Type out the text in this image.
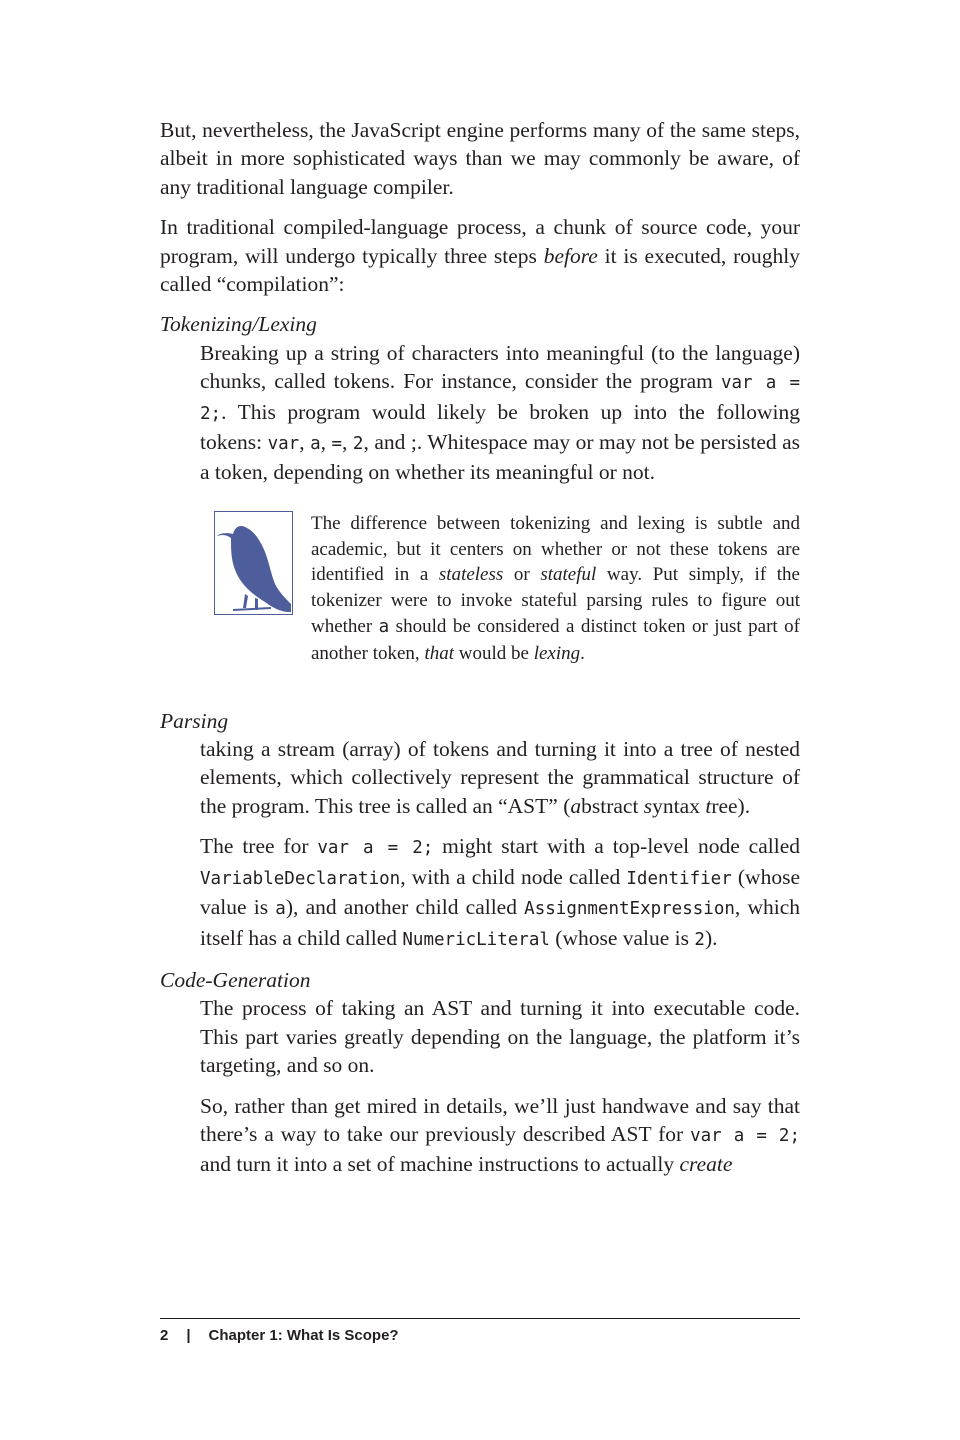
But, nevertheless, the JavaScript engine performs many of the same steps, albeit in more sophisticated ways than we may commonly be aware, of any traditional language compiler.

In traditional compiled-language process, a chunk of source code, your program, will undergo typically three steps before it is executed, roughly called “compilation”:

Tokenizing/Lexing

Breaking up a string of characters into meaningful (to the language) chunks, called tokens. For instance, consider the program var a = 2;. This program would likely be broken up into the following tokens: var, a, =, 2, and ;. Whitespace may or may not be persisted as a token, depending on whether its meaningful or not.

The difference between tokenizing and lexing is subtle and academic, but it centers on whether or not these tokens are identified in a stateless or stateful way. Put simply, if the tokenizer were to invoke stateful parsing rules to figure out whether a should be considered a distinct token or just part of another token, that would be lexing.

Parsing

taking a stream (array) of tokens and turning it into a tree of nested elements, which collectively represent the grammatical structure of the program. This tree is called an “AST” (abstract syntax tree).

The tree for var a = 2; might start with a top-level node called VariableDeclaration, with a child node called Identifier (whose value is a), and another child called AssignmentExpression, which itself has a child called NumericLiteral (whose value is 2).

Code-Generation

The process of taking an AST and turning it into executable code. This part varies greatly depending on the language, the platform it’s targeting, and so on.

So, rather than get mired in details, we’ll just handwave and say that there’s a way to take our previously described AST for var a = 2; and turn it into a set of machine instructions to actually create

2 | Chapter 1: What Is Scope?
